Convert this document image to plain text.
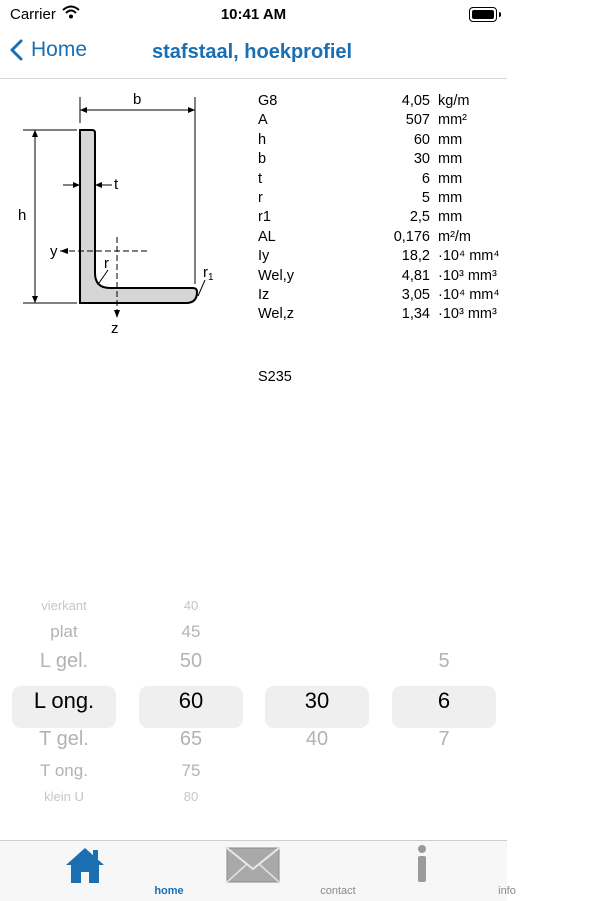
Carrier	10:41 AM
Home	stafstaal, hoekprofiel
b
h
t
y
z
r
$r_1$
G8	4,05 kg/m
A	507 mm²
h	60 mm
b	30 mm
t	6 mm
r	5 mm
r1	2,5 mm
AL	0,176 m²/m
Iy	18,2 ·10⁴ mm⁴
Wel,y	4,81 ·10³ mm³
Iz	3,05 ·10⁴ mm⁴
Wel,z	1,34 ·10³ mm³
S235
vierkant
plat
L gel.
L ong.
T gel.
T ong.
klein U
40
45
50
60
65
75
80
30
40
5
6
7
home	contact	info
